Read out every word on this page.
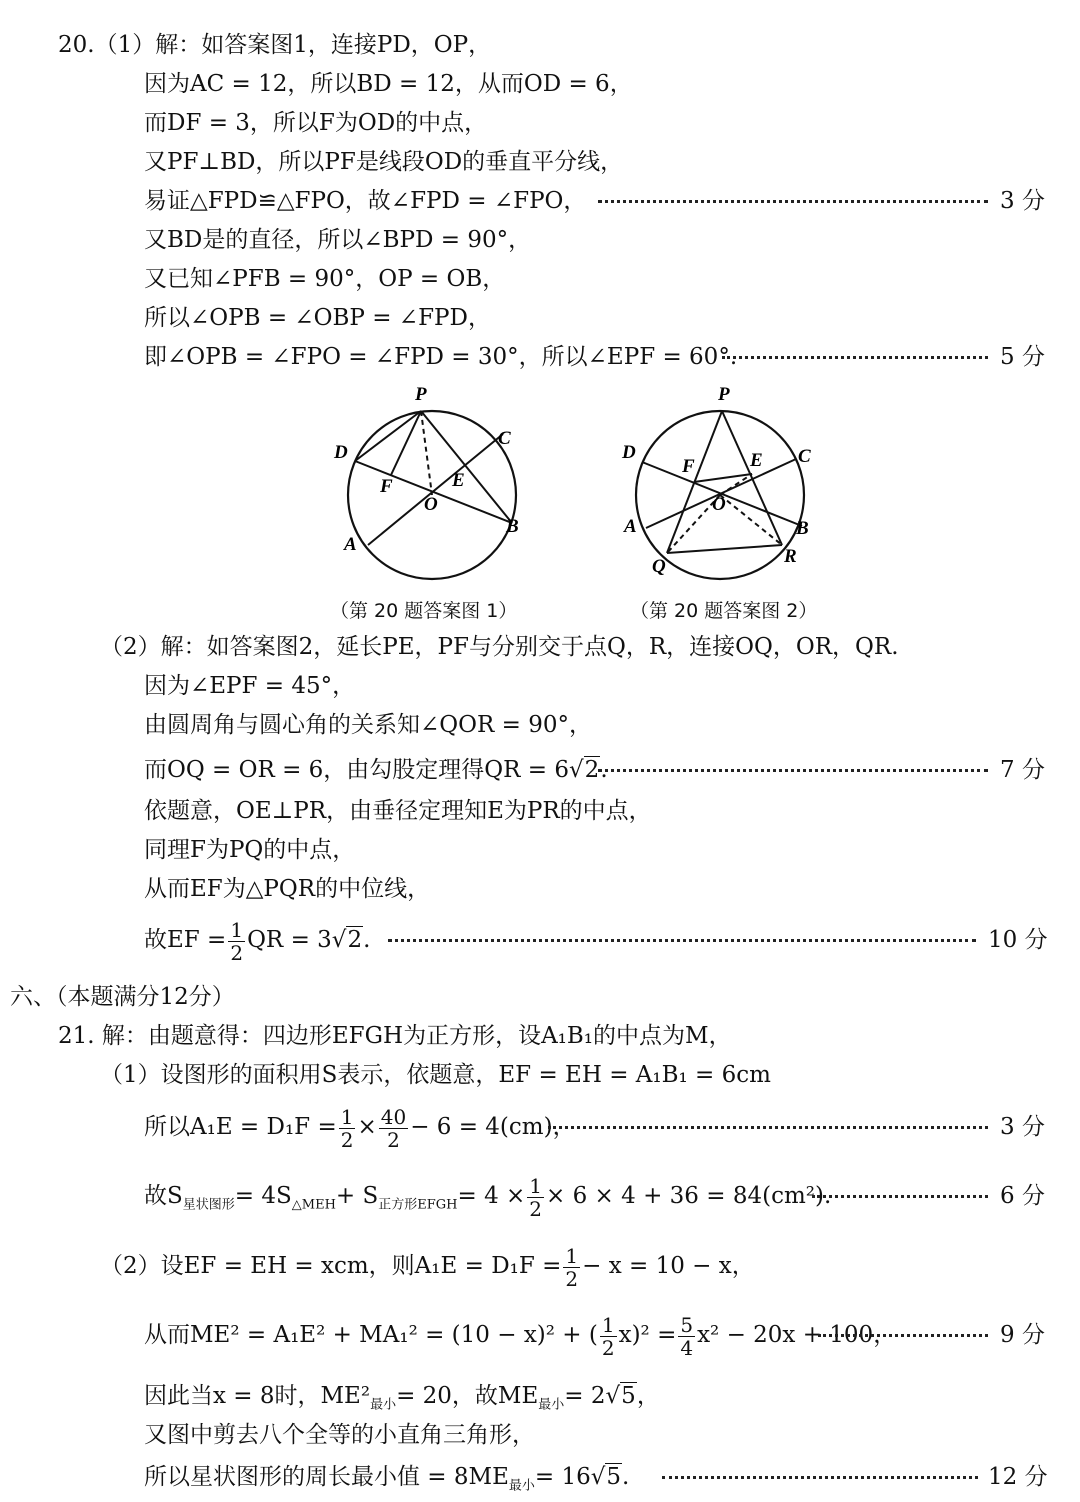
20.（1）解：如答案图1，连接PD，OP，
因为AC = 12，所以BD = 12，从而OD = 6，
而DF = 3，所以F为OD的中点，
又PF⊥BD，所以PF是线段OD的垂直平分线，
易证△FPD≌△FPO，故∠FPD = ∠FPO，	3 分
又BD是的直径，所以∠BPD = 90°，
又已知∠PFB = 90°，OP = OB，
所以∠OPB = ∠OBP = ∠FPD，
即∠OPB = ∠FPO = ∠FPD = 30°，所以∠EPF = 60°.	5 分
P
C
D
F	E
O
B
A
P
D	C
F	E
O
A	B
Q	R
（第 20 题答案图 1）	（第 20 题答案图 2）
（2）解：如答案图2，延长PE，PF与分别交于点Q，R，连接OQ，OR，QR.
因为∠EPF = 45°，
由圆周角与圆心角的关系知∠QOR = 90°，
而OQ = OR = 6，由勾股定理得QR = 6√2.	7 分
依题意，OE⊥PR，由垂径定理知E为PR的中点，
同理F为PQ的中点，
从而EF为△PQR的中位线，
故EF = $\frac{1}{2}$ QR = 3√2.	10 分
六、（本题满分12分）
21. 解：由题意得：四边形EFGH为正方形，设A₁B₁的中点为M，
（1）设图形的面积用S表示，依题意，EF = EH = A₁B₁ = 6cm
所以$A_1E = D_1F = \frac{1}{2} \times \frac{40}{2} - 6 = 4(cm)$，	3 分
故$S_{星状图形}= 4S_{\triangle MEH}+ S_{正方形EFGH}= 4 \times \frac{1}{2} \times 6 \times 4 + 36 = 84(cm^2)$.	6 分
（2）设EF = EH = xcm，则$A_1E = D_1F = \frac{1}{2} - x = 10 - x$，
从而ME² = A₁E² + MA₁² = (10 − x)² + ( $\frac{1}{2} x)^2 = \frac{5}{4} x^2 - 20x + 100$，	9 分
因此当x = 8时，$ME^2_{最小}= 20$，故$ME_{最小}= 2√5$，
又图中剪去八个全等的小直角三角形，
所以星状图形的周长最小值 = $8ME_{最小}= 16√5$.	12 分
